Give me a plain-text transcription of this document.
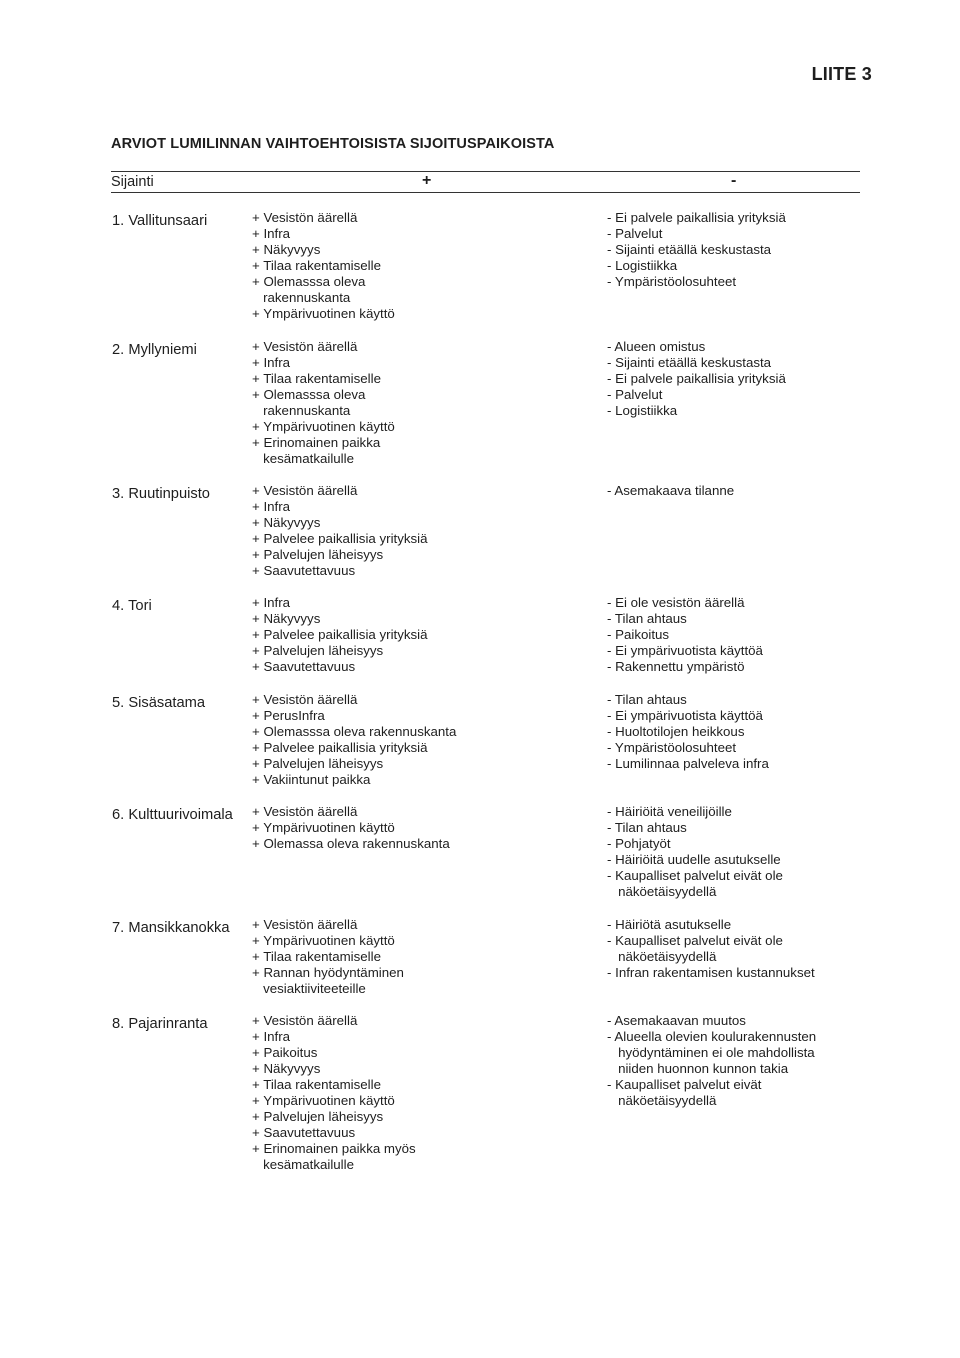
LIITE 3
ARVIOT LUMILINNAN VAIHTOEHTOISISTA SIJOITUSPAIKOISTA
Sijainti	+	-
1. Vallitunsaari	+ Vesistön äärellä
+ Infra
+ Näkyvyys
+ Tilaa rakentamiselle
+ Olemasssa oleva
rakennuskanta
+ Ympärivuotinen käyttö
- Ei palvele paikallisia yrityksiä
- Palvelut
- Sijainti etäällä keskustasta
- Logistiikka
- Ympäristöolosuhteet
2. Myllyniemi	+ Vesistön äärellä
+ Infra
+ Tilaa rakentamiselle
+ Olemasssa oleva
rakennuskanta
+ Ympärivuotinen käyttö
+ Erinomainen paikka
kesämatkailulle
- Alueen omistus
- Sijainti etäällä keskustasta
- Ei palvele paikallisia yrityksiä
- Palvelut
- Logistiikka
3. Ruutinpuisto	+ Vesistön äärellä
+ Infra
+ Näkyvyys
+ Palvelee paikallisia yrityksiä
+ Palvelujen läheisyys
+ Saavutettavuus
- Asemakaava tilanne
4. Tori	+ Infra
+ Näkyvyys
+ Palvelee paikallisia yrityksiä
+ Palvelujen läheisyys
+ Saavutettavuus
- Ei ole vesistön äärellä
- Tilan ahtaus
- Paikoitus
- Ei ympärivuotista käyttöä
- Rakennettu ympäristö
5. Sisäsatama	+ Vesistön äärellä
+ PerusInfra
+ Olemasssa oleva rakennuskanta
+ Palvelee paikallisia yrityksiä
+ Palvelujen läheisyys
+ Vakiintunut paikka
- Tilan ahtaus
- Ei ympärivuotista käyttöä
- Huoltotilojen heikkous
- Ympäristöolosuhteet
- Lumilinnaa palveleva infra
6. Kulttuurivoimala + Vesistön äärellä
+ Ympärivuotinen käyttö
+ Olemassa oleva rakennuskanta
- Häiriöitä veneilijöille
- Tilan ahtaus
- Pohjatyöt
- Häiriöitä uudelle asutukselle
- Kaupalliset palvelut eivät ole
näköetäisyydellä
7. Mansikkanokka + Vesistön äärellä
+ Ympärivuotinen käyttö
+ Tilaa rakentamiselle
+ Rannan hyödyntäminen
vesiaktiiviteeteille
- Häiriötä asutukselle
- Kaupalliset palvelut eivät ole
näköetäisyydellä
- Infran rakentamisen kustannukset
8. Pajarinranta	+ Vesistön äärellä
+ Infra
+ Paikoitus
+ Näkyvyys
+ Tilaa rakentamiselle
+ Ympärivuotinen käyttö
+ Palvelujen läheisyys
+ Saavutettavuus
+ Erinomainen paikka myös
kesämatkailulle
- Asemakaavan muutos
- Alueella olevien koulurakennusten
hyödyntäminen ei ole mahdollista
niiden huonnon kunnon takia
- Kaupalliset palvelut eivät
näköetäisyydellä
